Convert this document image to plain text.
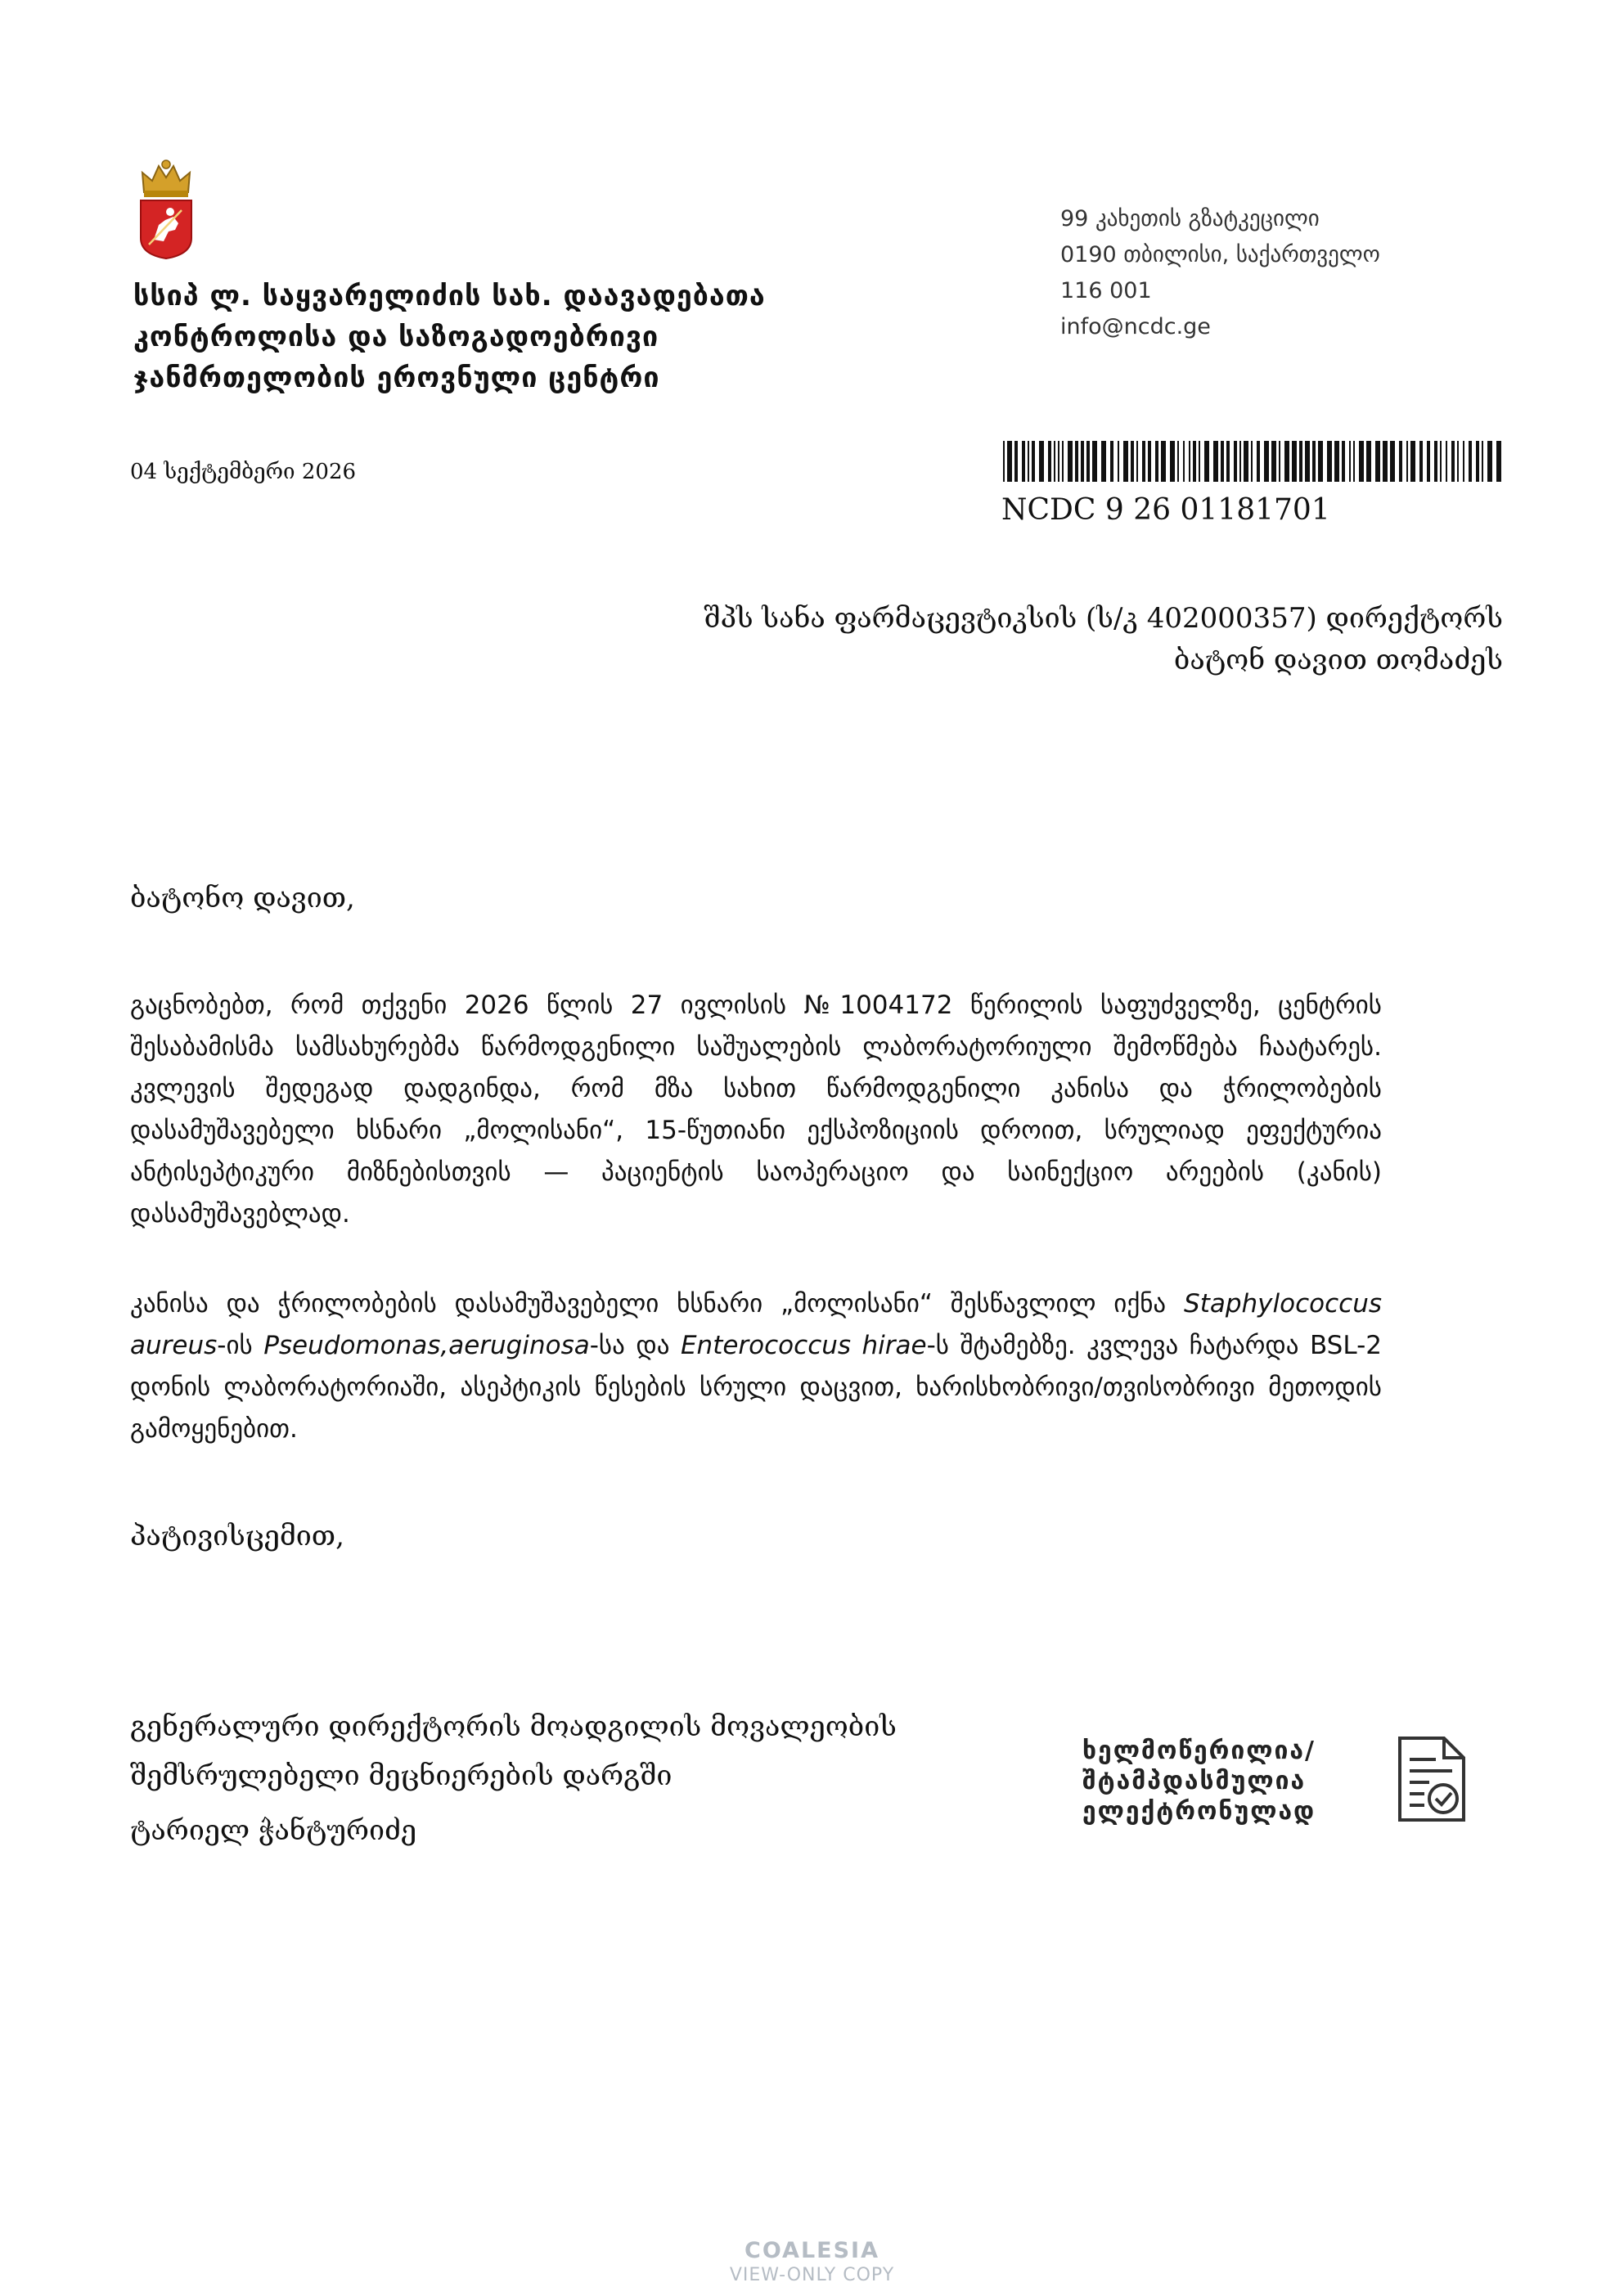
სსიპ ლ. საყვარელიძის სახ. დაავადებათა
კონტროლისა და საზოგადოებრივი
ჯანმრთელობის ეროვნული ცენტრი
99 კახეთის გზატკეცილი
0190 თბილისი, საქართველო
116 001
info@ncdc.ge
04 სექტემბერი 2026
NCDC 9 26 01181701
შპს სანა ფარმაცევტიკსის (ს/კ 402000357) დირექტორს
ბატონ დავით თომაძეს
ბატონო დავით,
გაცნობებთ, რომ თქვენი 2026 წლის 27 ივლისის №1004172 წერილის საფუძველზე, ცენტრის შესაბამისმა სამსახურებმა წარმოდგენილი საშუალების ლაბორატორიული შემოწმება ჩაატარეს. კვლევის შედეგად დადგინდა, რომ მზა სახით წარმოდგენილი კანისა და ჭრილობების დასამუშავებელი ხსნარი „მოლისანი“, 15-წუთიანი ექსპოზიციის დროით, სრულიად ეფექტურია ანტისეპტიკური მიზნებისთვის — პაციენტის საოპერაციო და საინექციო არეების (კანის) დასამუშავებლად.
კანისა და ჭრილობების დასამუშავებელი ხსნარი „მოლისანი“ შესწავლილ იქნა Staphylococcus aureus-ის Pseudomonas,aeruginosa-სა და Enterococcus hirae-ს შტამებზე. კვლევა ჩატარდა BSL-2 დონის ლაბორატორიაში, ასეპტიკის წესების სრული დაცვით, ხარისხობრივი/თვისობრივი მეთოდის გამოყენებით.
პატივისცემით,
გენერალური დირექტორის მოადგილის მოვალეობის
შემსრულებელი მეცნიერების დარგში
ტარიელ ჭანტურიძე
ხელმოწერილია/
შტამპდასმულია
ელექტრონულად
COALESIA
VIEW-ONLY COPY
